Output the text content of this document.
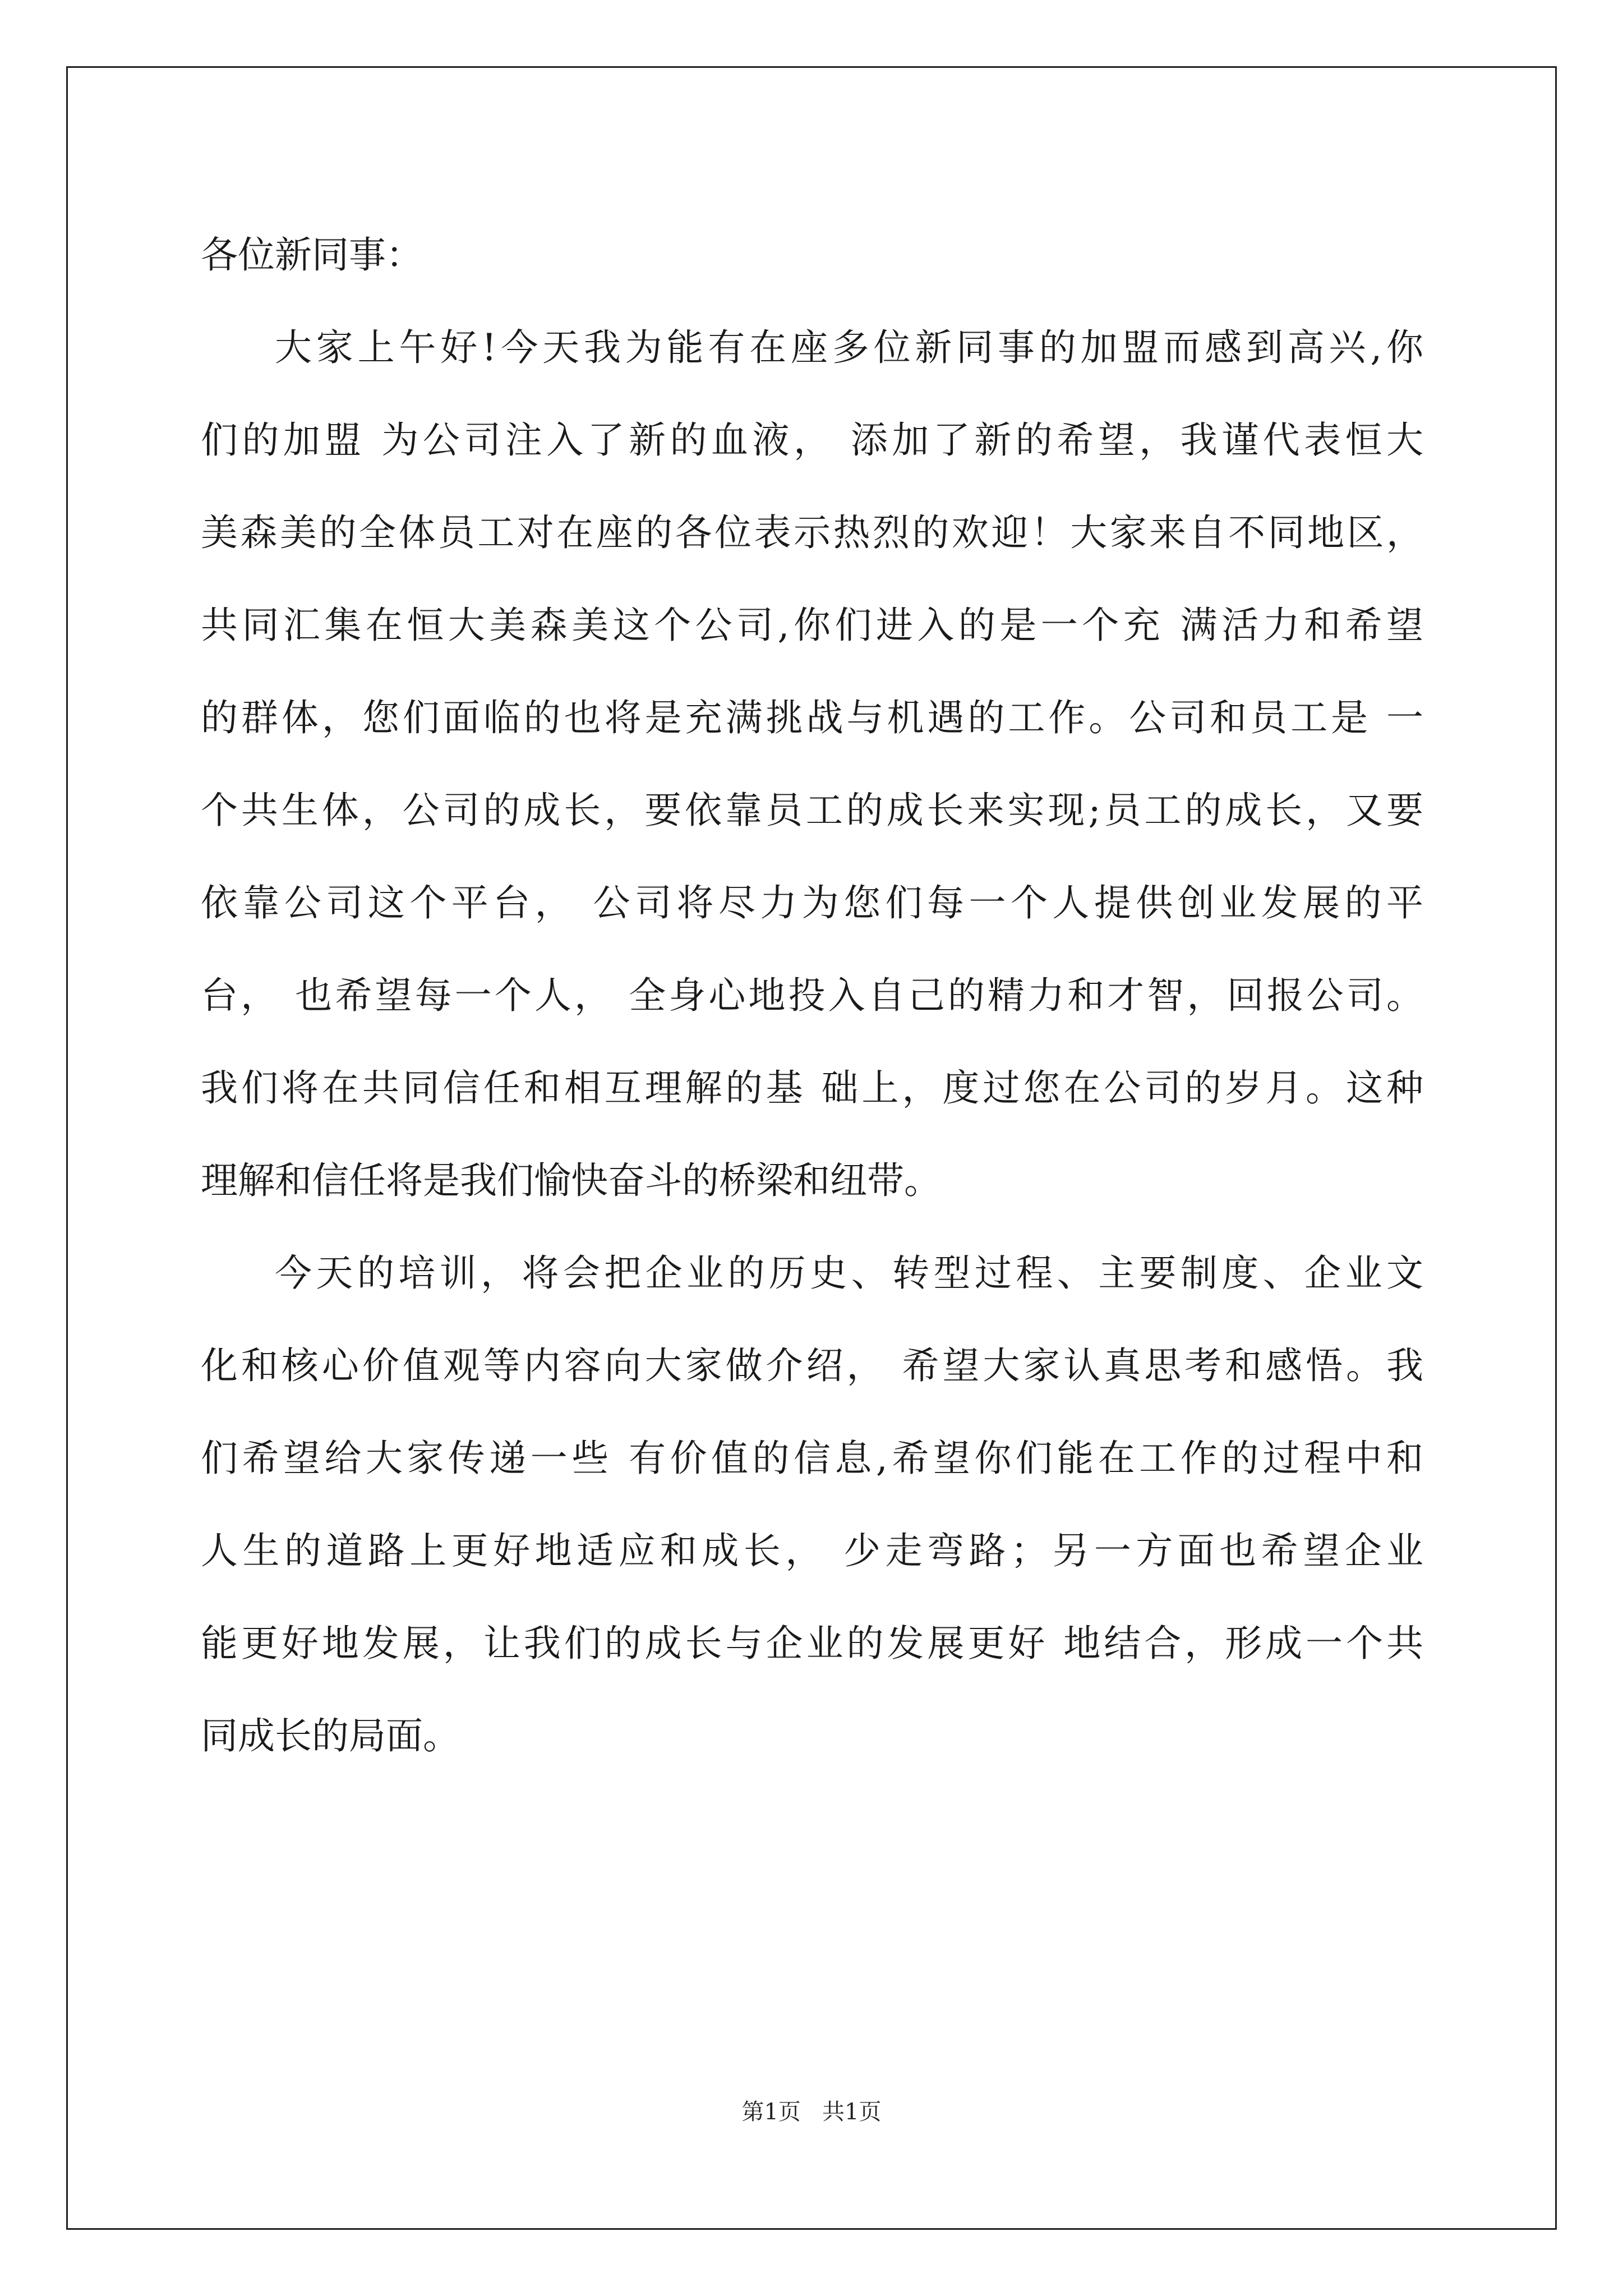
各位新同事：
大家上午好!今天我为能有在座多位新同事的加盟而感到高兴,你
们的加盟 为公司注入了新的血液， 添加了新的希望，我谨代表恒大
美森美的全体员工对在座的各位表示热烈的欢迎！大家来自不同地区，
共同汇集在恒大美森美这个公司,你们进入的是一个充 满活力和希望
的群体，您们面临的也将是充满挑战与机遇的工作。公司和员工是 一
个共生体，公司的成长，要依靠员工的成长来实现;员工的成长，又要
依靠公司这个平台， 公司将尽力为您们每一个人提供创业发展的平
台， 也希望每一个人， 全身心地投入自己的精力和才智，回报公司。
我们将在共同信任和相互理解的基 础上，度过您在公司的岁月。这种
理解和信任将是我们愉快奋斗的桥梁和纽带。
今天的培训，将会把企业的历史、转型过程、主要制度、企业文
化和核心价值观等内容向大家做介绍， 希望大家认真思考和感悟。我
们希望给大家传递一些 有价值的信息,希望你们能在工作的过程中和
人生的道路上更好地适应和成长， 少走弯路；另一方面也希望企业
能更好地发展，让我们的成长与企业的发展更好 地结合，形成一个共
同成长的局面。
第1页   共1页
